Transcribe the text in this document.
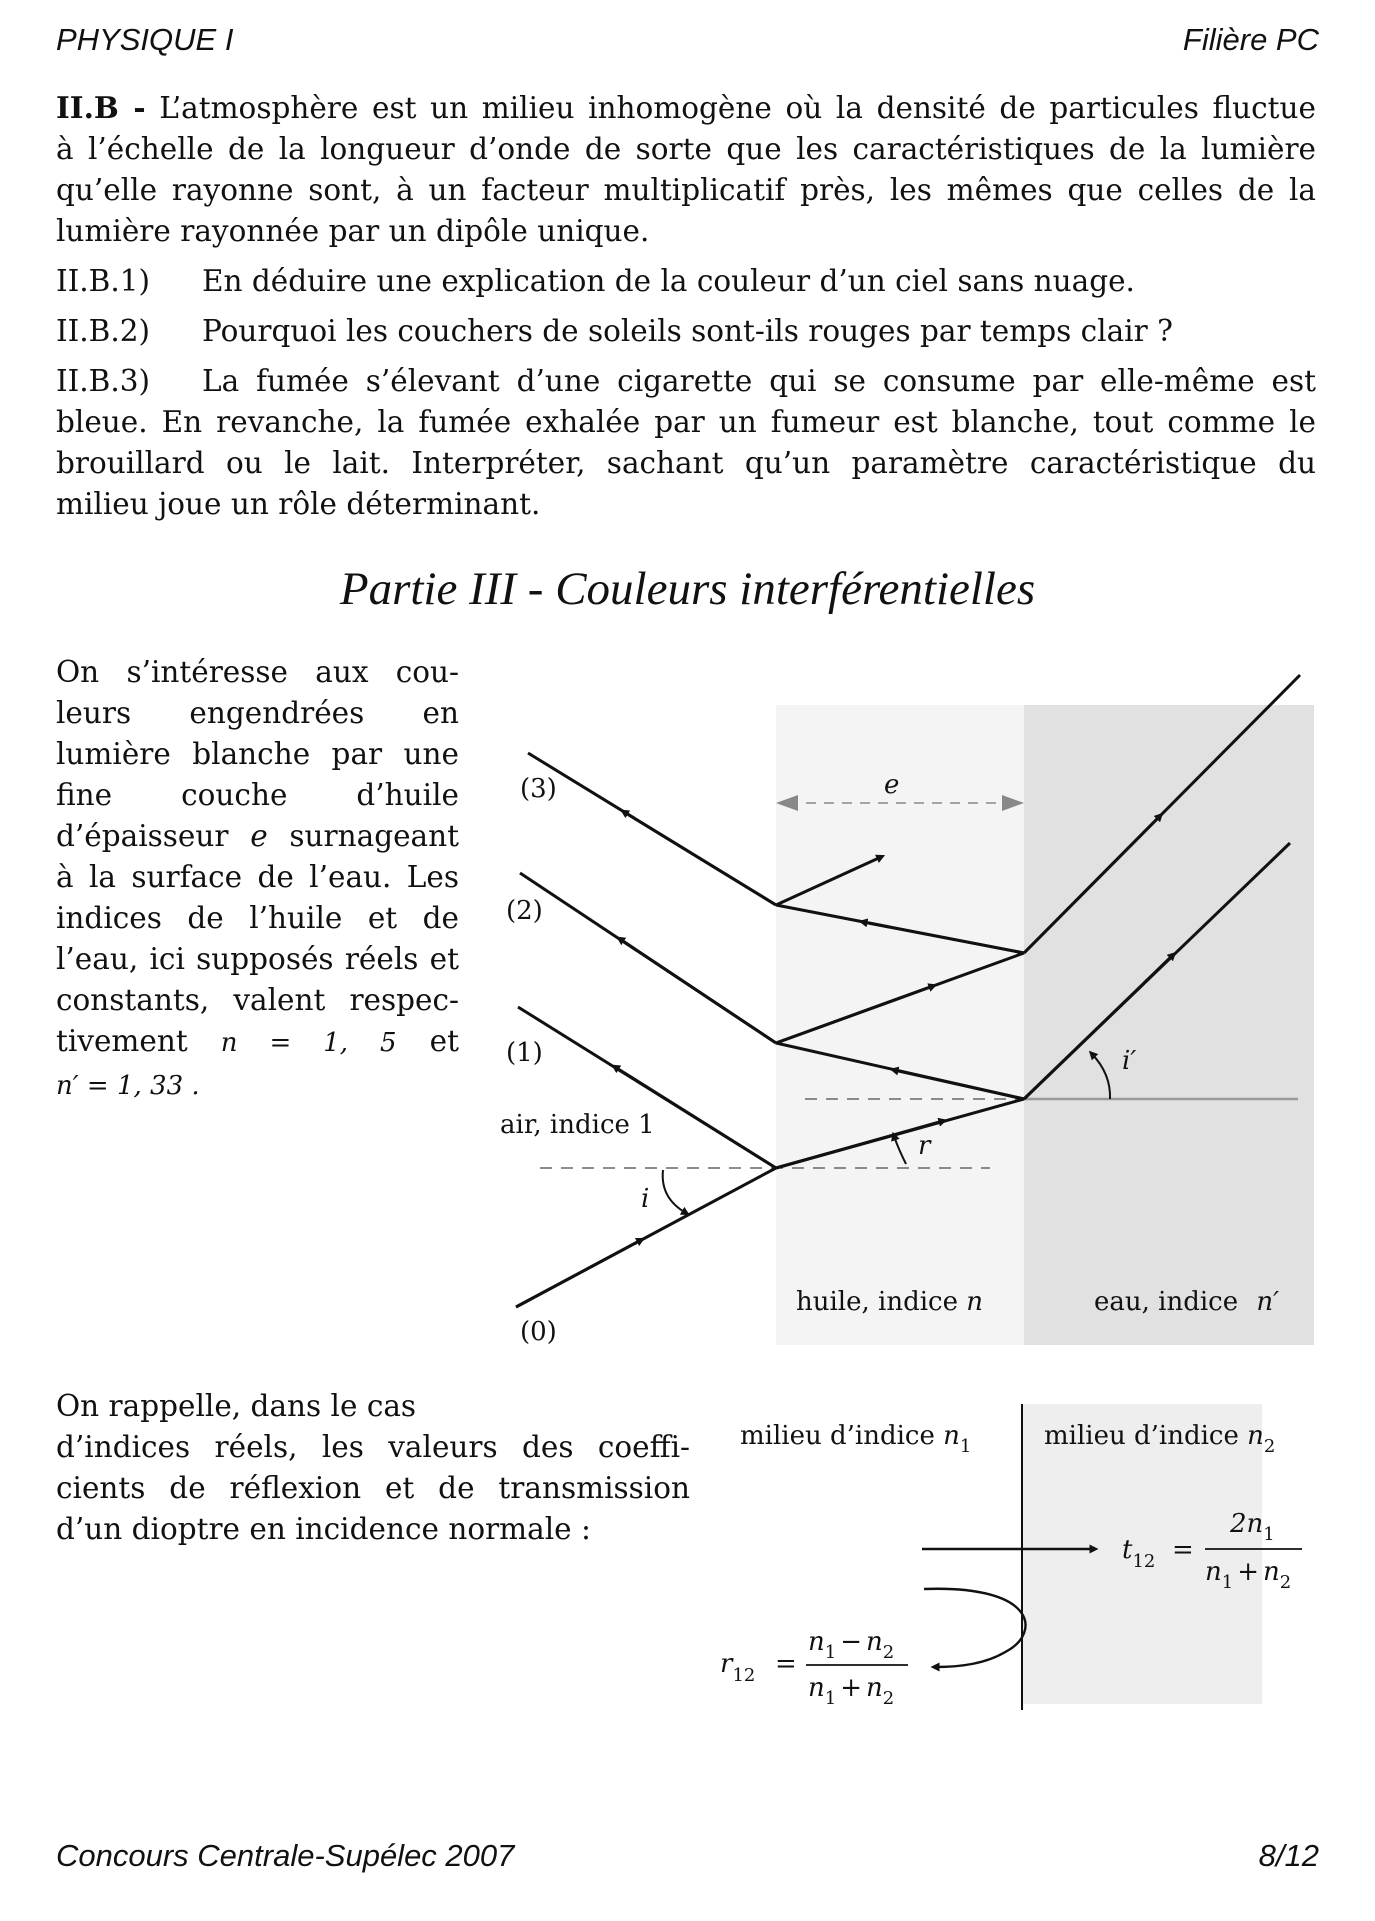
PHYSIQUE I	Filière PC
II.B - L’atmosphère est un milieu inhomogène où la densité de particules fluctue
à l’échelle de la longueur d’onde de sorte que les caractéristiques de la lumière
qu’elle rayonne sont, à un facteur multiplicatif près, les mêmes que celles de la
lumière rayonnée par un dipôle unique.
II.B.1) En déduire une explication de la couleur d’un ciel sans nuage.
II.B.2) Pourquoi les couchers de soleils sont-ils rouges par temps clair ?
II.B.3) La fumée s’élevant d’une cigarette qui se consume par elle-même est
bleue. En revanche, la fumée exhalée par un fumeur est blanche, tout comme le
brouillard ou le lait. Interpréter, sachant qu’un paramètre caractéristique du
milieu joue un rôle déterminant.
Partie III - Couleurs interférentielles
On s’intéresse aux cou-
leurs engendrées en
lumière blanche par une
fine couche d’huile
d’épaisseur e surnageant
à la surface de l’eau. Les
indices de l’huile et de
l’eau, ici supposés réels et
constants, valent respec-
tivement n = 1, 5 et
n′ = 1, 33 .
On rappelle, dans le cas
d’indices réels, les valeurs des coeffi-
cients de réflexion et de transmission
d’un dioptre en incidence normale :
(3)
(2)
(1)
(0)
e
air, indice 1
huile, indice n	eau, indice n′
i
r
i′
milieu d’indice $n_1$	milieu d’indice $n_2$
$t_{12}$ =
$2n_1$
$n_1 + n_2$
$r_{12}$ =
$n_1 - n_2$
$n_1 + n_2$
Concours Centrale-Supélec 2007	8/12
